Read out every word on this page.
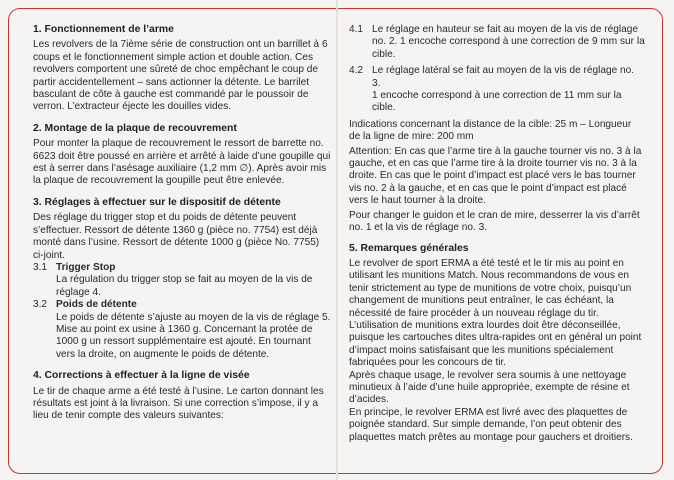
1. Fonctionnement de l’arme

Les revolvers de la 7ième série de construction ont un barrillet à 6 coups et le fonctionnement simple action et double action. Ces revolvers comportent une sûreté de choc empêchant le coup de partir accidentellement – sans actionner la détente. Le barrilet basculant de côte à gauche est commandé par le poussoir de verron. L’extracteur éjecte les douilles vides.

2. Montage de la plaque de recouvrement

Pour monter la plaque de recouvrement le ressort de barrette no. 6623 doit être poussé en arrière et arrêté à laide d’une goupille qui est à serrer dans l’asésage auxiliaire (1,2 mm ∅). Après avoir mis la plaque de recouvrement la goupille peut être enlevée.

3. Réglages à effectuer sur le dispositif de détente

Des réglage du trigger stop et du poids de détente peuvent s’effectuer. Ressort de détente 1360 g (pièce no. 7754) est déjà monté dans l’usine. Ressort de détente 1000 g (pièce No. 7755) ci-joint.

3.1 Trigger Stop

La régulation du trigger stop se fait au moyen de la vis de réglage 4.

3.2 Poids de détente

Le poids de détente s’ajuste au moyen de la vis de réglage 5. Mise au point ex usine à 1360 g. Concernant la protée de 1000 g un ressort supplémentaire est ajouté. En tournant vers la droite, on augmente le poids de détente.

4. Corrections à effectuer à la ligne de visée

Le tir de chaque arme a été testé à l’usine. Le carton donnant les résultats est joint à la livraison. Si une correction s’impose, il y a lieu de tenir compte des valeurs suivantes:

4.1 Le réglage en hauteur se fait au moyen de la vis de réglage no. 2. 1 encoche correspond à une correction de 9 mm sur la cible.

4.2 Le réglage latéral se fait au moyen de la vis de réglage no. 3.

1 encoche correspond à une correction de 11 mm sur la cible.

Indications concernant la distance de la cible: 25 m – Longueur de la ligne de mire: 200 mm

Attention: En cas que l’arme tire à la gauche tourner vis no. 3 à la gauche, et en cas que l’arme tire à la droite tourner vis no. 3 à la droite. En cas que le point d’impact est placé vers le bas tourner vis no. 2 à la gauche, et en cas que le point d’impact est placé vers le haut tourner à la droite.

Pour changer le guidon et le cran de mire, desserrer la vis d’arrêt no. 1 et la vis de réglage no. 3.

5. Remarques générales

Le revolver de sport ERMA a été testé et le tir mis au point en utilisant les munitions Match. Nous recommandons de vous en tenir strictement au type de munitions de votre choix, puisqu’un changement de munitions peut entraîner, le cas échéant, la nécessité de faire procéder à un nouveau réglage du tir. L’utilisation de munitions extra lourdes doit être déconseillée, puisque les cartouches dites ultra-rapides ont en général un point d’impact moins satisfaisant que les munitions spécialement fabriquées pour les concours de tir.

Après chaque usage, le revolver sera soumis à une nettoyage minutieux à l’aide d’une huile appropriée, exempte de résine et d’acides.

En principe, le revolver ERMA est livré avec des plaquettes de poignée standard. Sur simple demande, l’on peut obtenir des plaquettes match prêtes au montage pour gauchers et droitiers.
